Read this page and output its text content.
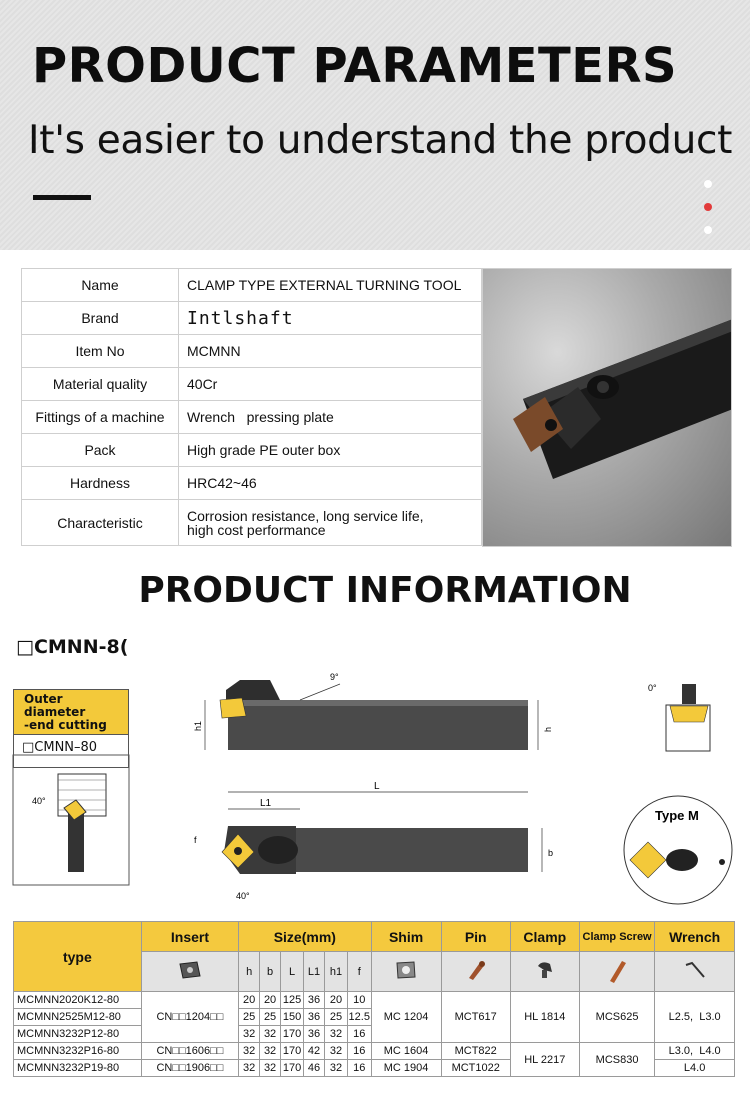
PRODUCT PARAMETERS
It's easier to understand the product
Name	CLAMP TYPE EXTERNAL TURNING TOOL
Brand	Intlshaft
Item No	MCMNN
Material quality	40Cr
Fittings of a machine	Wrench   pressing plate
Pack	High grade PE outer box
Hardness	HRC42~46
Characteristic	Corrosion resistance, long service life,
high cost performance
PRODUCT INFORMATION
□CMNN-8(
Outer diameter
-end cutting
□CMNN–80
40°
9°
h1	h
0°
L
L1
f
b
40°
Type M
type	Insert	Size(mm)						Shim	Pin	Clamp	Clamp Screw	Wrench
	h	b	L	L1	h1	f					
MCMNN2020K12-80	CN□□1204□□	20	20	125	36	20	10	MC 1204	MCT617	HL 1814	MCS625	L2.5,  L3.0
MCMNN2525M12-80		25	25	150	36	25	12.5					
MCMNN3232P12-80		32	32	170	36	32	16					
MCMNN3232P16-80	CN□□1606□□	32	32	170	42	32	16	MC 1604	MCT822	HL 2217	MCS830	L3.0,  L4.0
MCMNN3232P19-80	CN□□1906□□	32	32	170	46	32	16	MC 1904	MCT1022			L4.0
